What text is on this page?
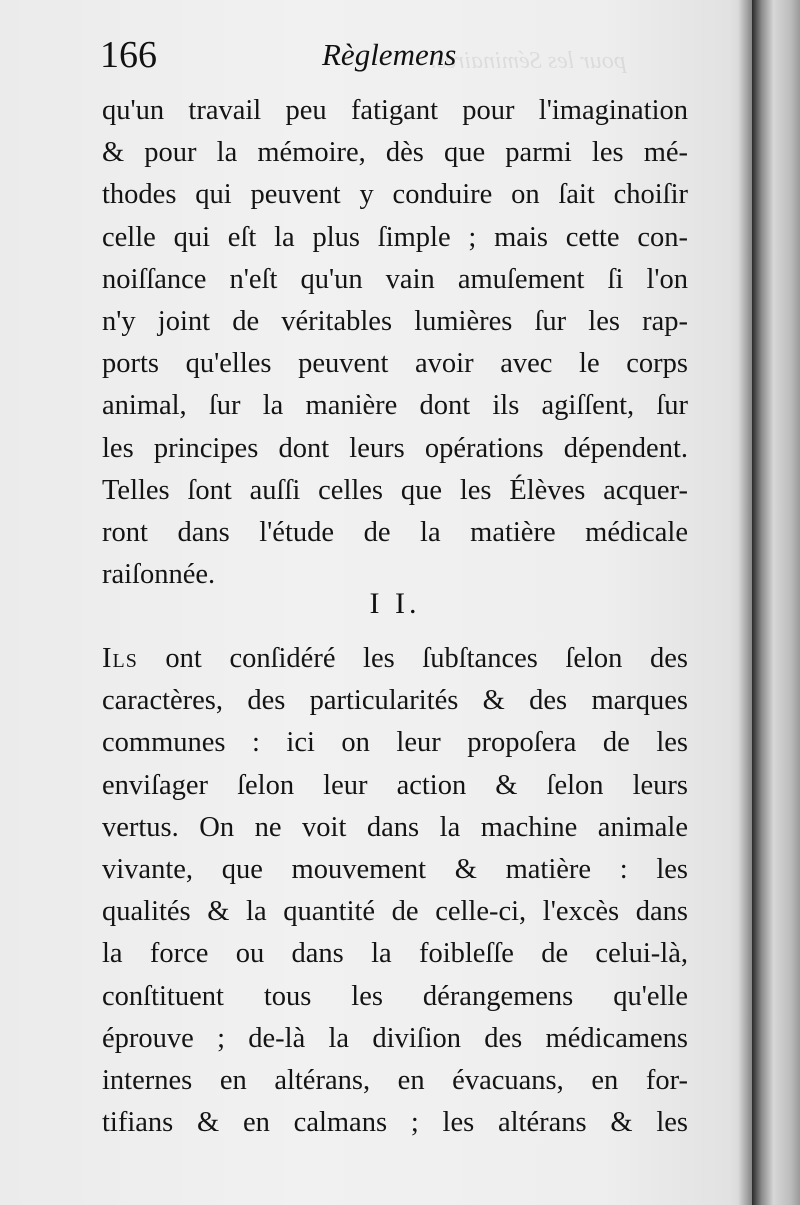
pour les Séminaires.
166	Règlemens
qu'un travail peu fatigant pour l'imagination
& pour la mémoire, dès que parmi les mé-
thodes qui peuvent y conduire on ſait choiſir
celle qui eſt la plus ſimple ; mais cette con-
noiſſance n'eſt qu'un vain amuſement ſi l'on
n'y joint de véritables lumières ſur les rap-
ports qu'elles peuvent avoir avec le corps
animal, ſur la manière dont ils agiſſent, ſur
les principes dont leurs opérations dépendent.
Telles ſont auſſi celles que les Élèves acquer-
ront dans l'étude de la matière médicale
raiſonnée.
I I.
Ils ont conſidéré les ſubſtances ſelon des
caractères, des particularités & des marques
communes : ici on leur propoſera de les
enviſager ſelon leur action & ſelon leurs
vertus. On ne voit dans la machine animale
vivante, que mouvement & matière : les
qualités & la quantité de celle-ci, l'excès dans
la force ou dans la foibleſſe de celui-là,
conſtituent tous les dérangemens qu'elle
éprouve ; de-là la diviſion des médicamens
internes en altérans, en évacuans, en for-
tifians & en calmans ; les altérans & les
